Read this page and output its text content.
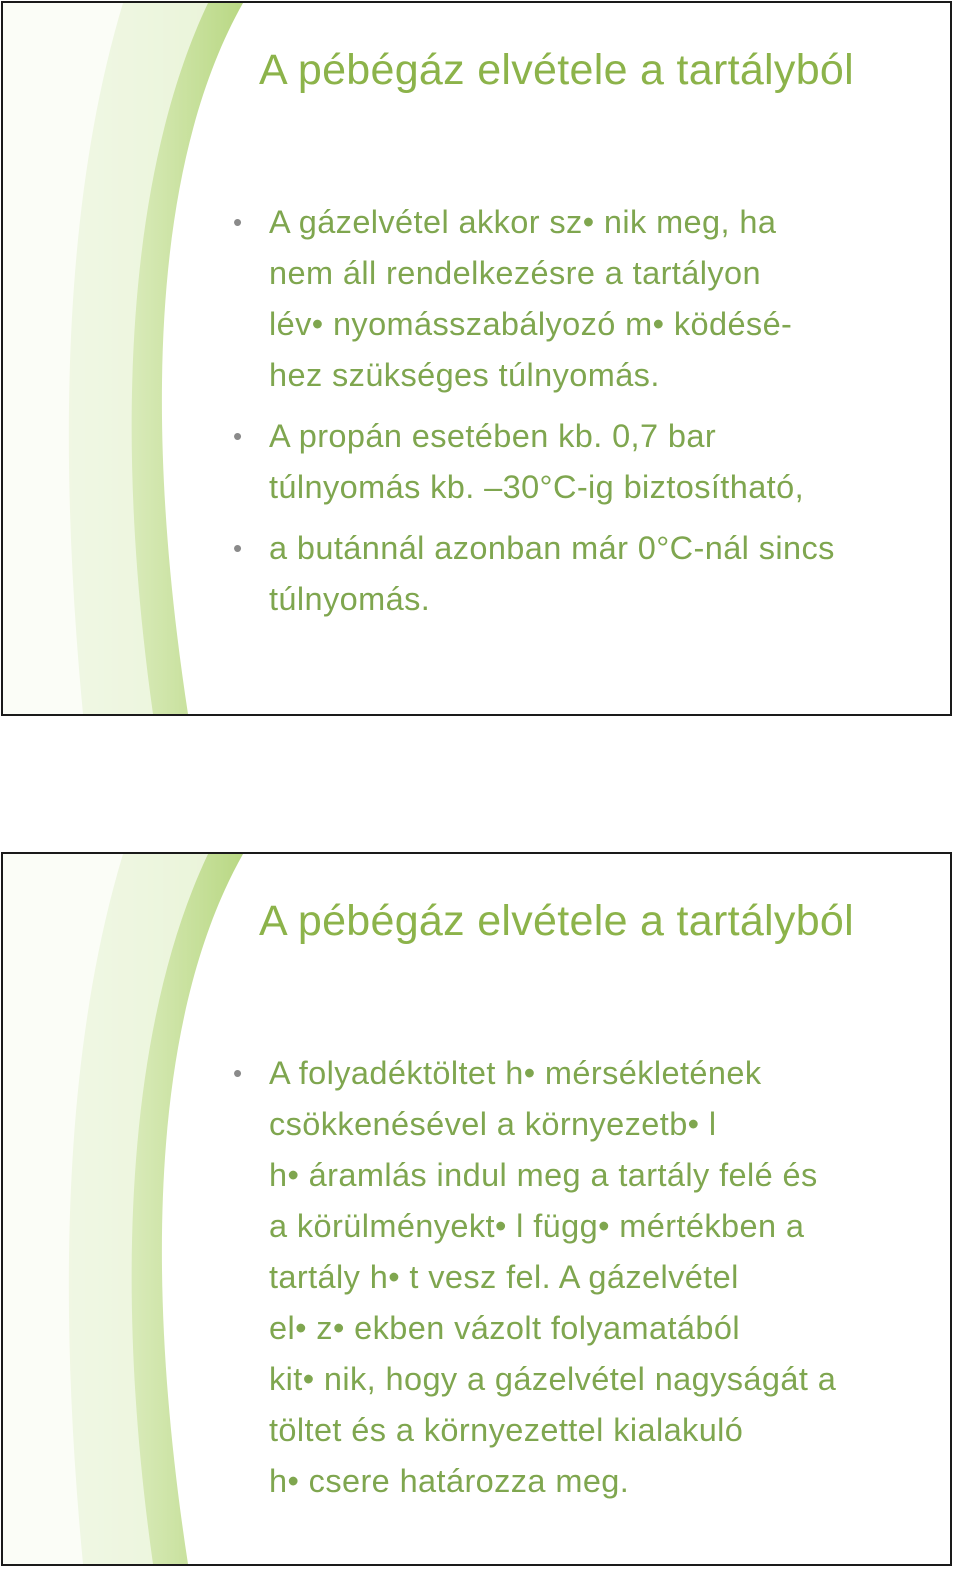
A pébégáz elvétele a tartályból
• A gázelvétel akkor sz• nik meg, ha
nem áll rendelkezésre a tartályon
lév• nyomásszabályozó m• ködésé-
hez szükséges túlnyomás.
• A propán esetében kb. 0,7 bar
túlnyomás kb. –30°C-ig biztosítható,
• a butánnál azonban már 0°C-nál sincs
túlnyomás.
A pébégáz elvétele a tartályból
• A folyadéktöltet h• mérsékletének
csökkenésével a környezetb• l
h• áramlás indul meg a tartály felé és
a körülményekt• l függ• mértékben a
tartály h• t vesz fel. A gázelvétel
el• z• ekben vázolt folyamatából
kit• nik, hogy a gázelvétel nagyságát a
töltet és a környezettel kialakuló
h• csere határozza meg.
